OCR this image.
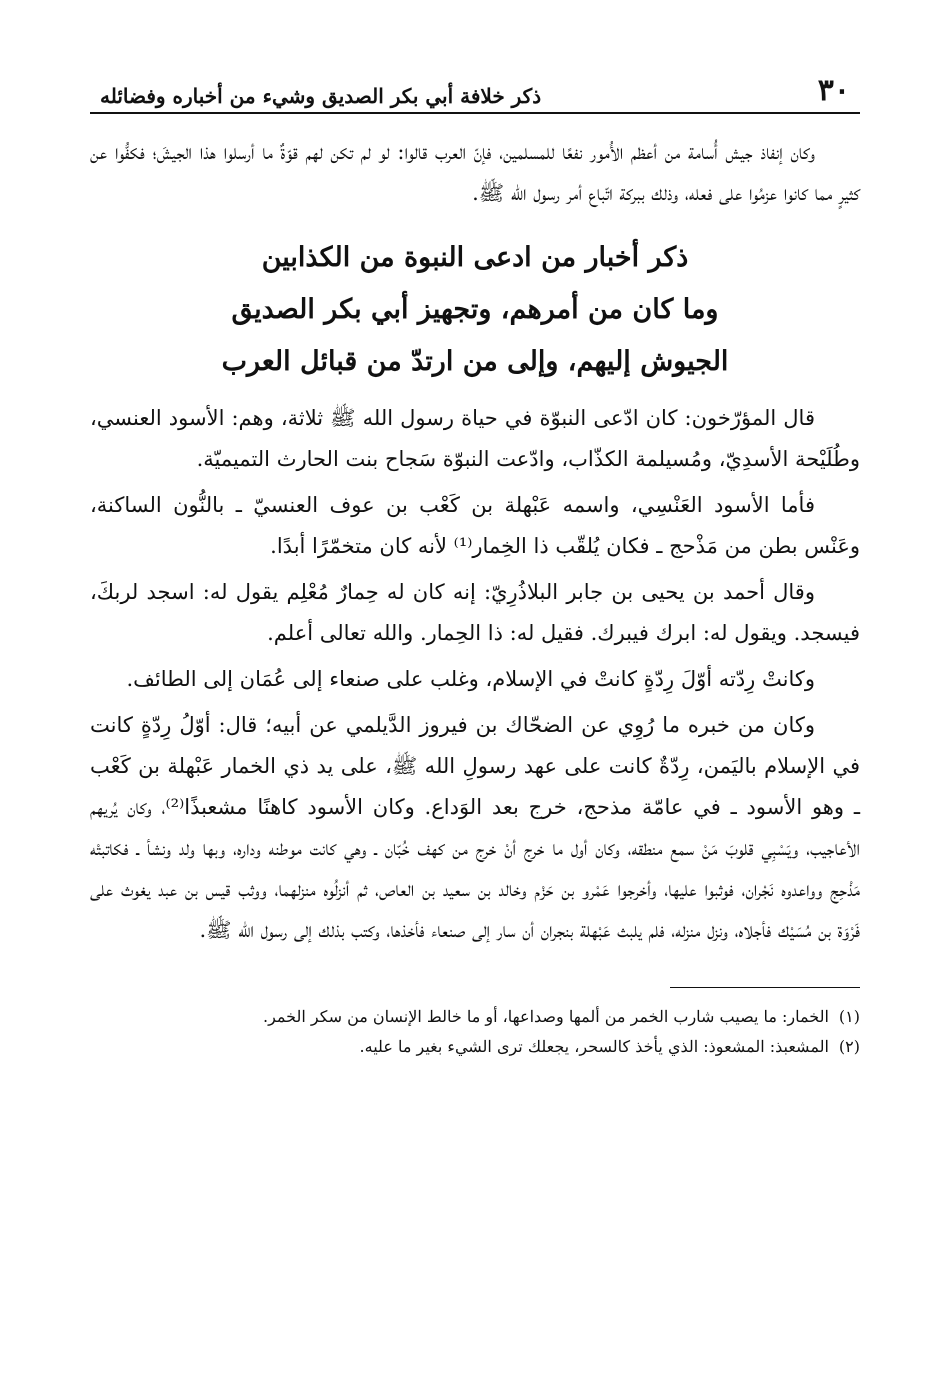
٣٠
ذكر خلافة أبي بكر الصديق وشيء من أخباره وفضائله

وكان إنفاذ جيش أُسامة من أعظم الأُمور نفعًا للمسلمين، فإنّ العرب قالوا: لو لم تكن لهم قوّةٌ ما أرسلوا هذا الجيشَ؛ فكفُّوا عن كثيرٍ مما كانوا عزمُوا على فعله، وذلك ببركة اتّباع أمر رسول الله ﷺ.

ذكر أخبار من ادعى النبوة من الكذابين
وما كان من أمرهم، وتجهيز أبي بكر الصديق
الجيوش إليهم، وإلى من ارتدّ من قبائل العرب

قال المؤرّخون: كان ادّعى النبوّة في حياة رسول الله ﷺ ثلاثة، وهم: الأسود العنسي، وطُلَيْحة الأسدِيّ، ومُسيلمة الكذّاب، وادّعت النبوّة سَجاح بنت الحارث التميميّة.

فأما الأسود العَنْسِي، واسمه عَبْهلة بن كَعْب بن عوف العنسيّ ـ بالنُّون الساكنة، وعَنْس بطن من مَذْحج ـ فكان يُلقّب ذا الخِمار⁽¹⁾ لأنه كان متخمّرًا أبدًا.

وقال أحمد بن يحيى بن جابر البلاذُرِيّ: إنه كان له حِمارٌ مُعْلِم يقول له: اسجد لربكَ، فيسجد. ويقول له: ابرك فيبرك. فقيل له: ذا الحِمار. والله تعالى أعلم.

وكانتْ رِدّته أوّلَ رِدّةٍ كانتْ في الإسلام، وغلب على صنعاء إلى عُمَان إلى الطائف.

وكان من خبره ما رُوِي عن الضحّاك بن فيروز الدَّيلمي عن أبيه؛ قال: أوّلُ رِدّةٍ كانت في الإسلام باليَمن، رِدّةٌ كانت على عهد رسولِ الله ﷺ، على يد ذي الخمار عَبْهلة بن كَعْب ـ وهو الأسود ـ في عامّة مذحج، خرج بعد الوَداع. وكان الأسود كاهنًا مشعبذًا⁽²⁾، وكان يُريهم الأعاجيب، ويَسْبِي قلوبَ مَنْ سمع منطقه، وكان أول ما خرج أنْ خرج من كهف خُبّان ـ وهي كانت موطنه وداره، وبها ولد ونشأ ـ فكاتبتْه مَذْحِج وواعدوه نَجْران، فوثبوا عليها، وأخرجوا عَمْرو بن حَزْم وخالد بن سعيد بن العاص، ثم أنزلُوه منزلهما، ووثب قيس بن عبد يغوث على فَرْوَة بن مُسَيْك فأجلاه، ونزل منزله، فلم يلبث عَبْهلة بنجران أن سار إلى صنعاء فأخذها، وكتب بذلك إلى رسول الله ﷺ.

(١)
الخمار: ما يصيب شارب الخمر من ألمها وصداعها، أو ما خالط الإنسان من سكر الخمر.
(٢)
المشعبذ: المشعوذ: الذي يأخذ كالسحر، يجعلك ترى الشيء بغير ما عليه.
